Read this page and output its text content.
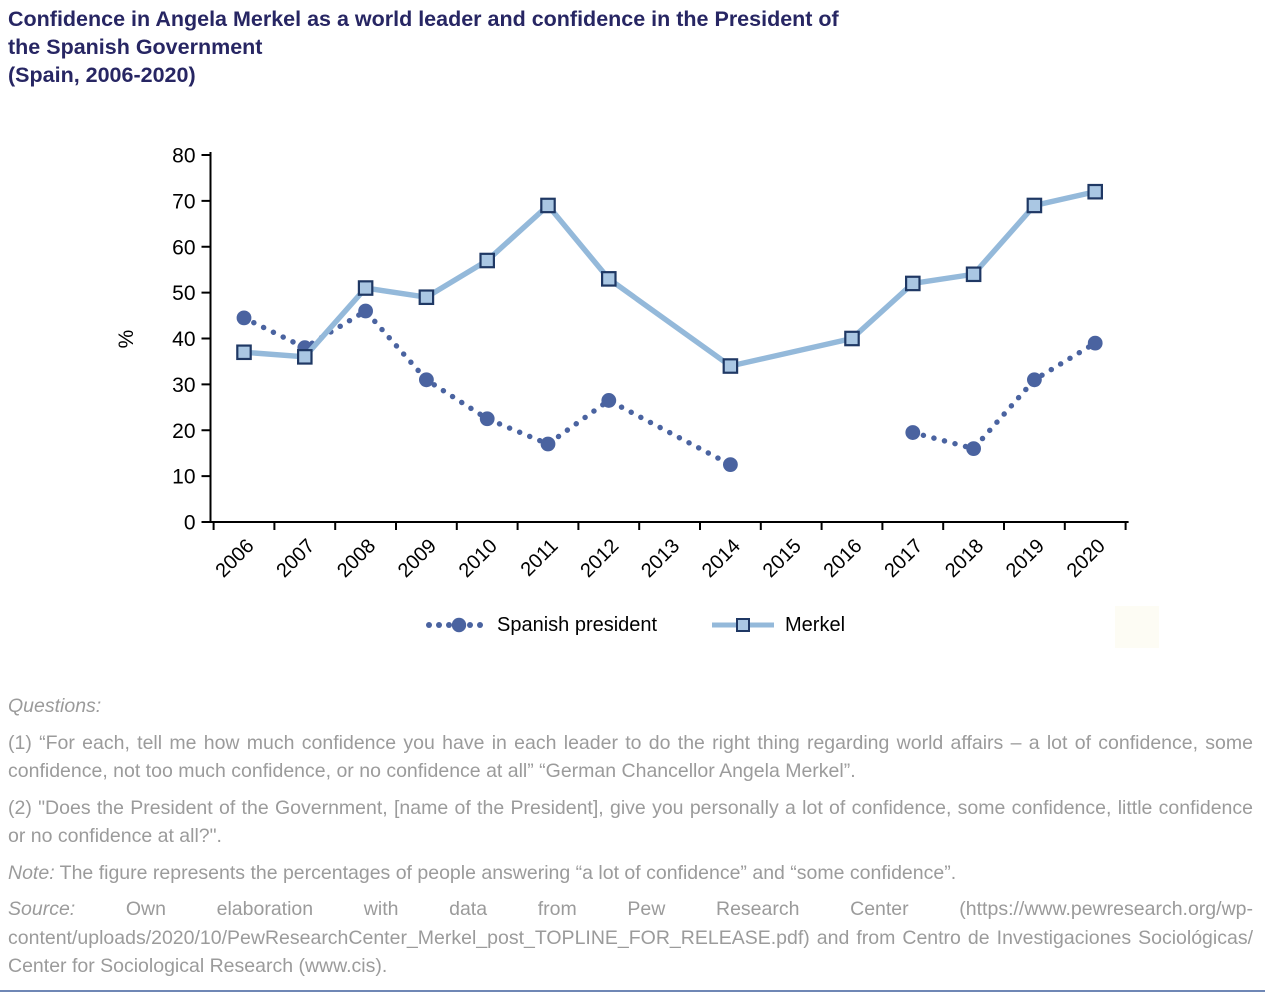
Confidence in Angela Merkel as a world leader and confidence in the President of
the Spanish Government
(Spain, 2006-2020)
0
10
20
30
40
50
60
70
80
2006 2007 2008 2009 2010 2011 2012 2013 2014 2015 2016 2017 2018 2019 2020
%
Spanish president	Merkel
Questions:
(1) “For each, tell me how much confidence you have in each leader to do the right thing regarding world affairs – a lot of confidence, some confidence, not too much confidence, or no confidence at all” “German Chancellor Angela Merkel”.
(2) "Does the President of the Government, [name of the President], give you personally a lot of confidence, some confidence, little confidence or no confidence at all?".
Note: The figure represents the percentages of people answering “a lot of confidence” and “some confidence”.
Source: Own elaboration with data from Pew Research Center (https://www.pewresearch.org/wp-content/uploads/2020/10/PewResearchCenter_Merkel_post_TOPLINE_FOR_RELEASE.pdf) and from Centro de Investigaciones Sociológicas/ Center for Sociological Research (www.cis).
